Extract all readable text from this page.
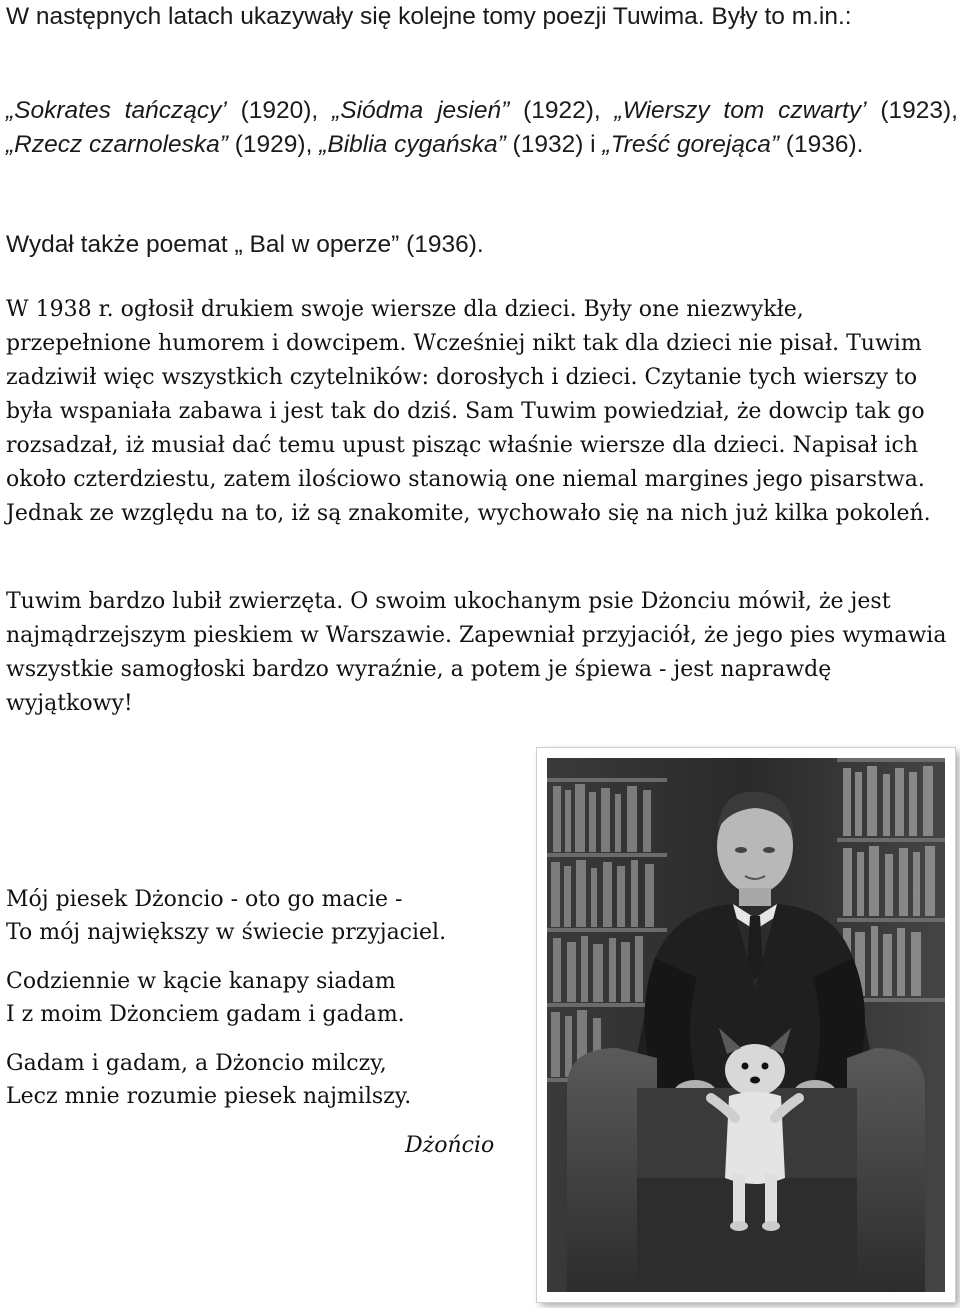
W następnych latach ukazywały się kolejne tomy poezji Tuwima. Były to m.in.:

„Sokrates tańczący’ (1920), „Siódma jesień” (1922), „Wierszy tom czwarty’ (1923), „Rzecz czarnoleska” (1929), „Biblia cygańska” (1932) i „Treść gorejąca” (1936).

Wydał także poemat „ Bal w operze” (1936).

W 1938 r. ogłosił drukiem swoje wiersze dla dzieci. Były one niezwykłe, przepełnione humorem i dowcipem. Wcześniej nikt tak dla dzieci nie pisał. Tuwim zadziwił więc wszystkich czytelników: dorosłych i dzieci. Czytanie tych wierszy to była wspaniała zabawa i jest tak do dziś. Sam Tuwim powiedział, że dowcip tak go rozsadzał, iż musiał dać temu upust pisząc właśnie wiersze dla dzieci. Napisał ich około czterdziestu, zatem ilościowo stanowią one niemal margines jego pisarstwa. Jednak ze względu na to, iż są znakomite, wychowało się na nich już kilka pokoleń.

Tuwim bardzo lubił zwierzęta. O swoim ukochanym psie Dżonciu mówił, że jest najmądrzejszym pieskiem w Warszawie. Zapewniał przyjaciół, że jego pies wymawia wszystkie samogłoski bardzo wyraźnie, a potem je śpiewa - jest naprawdę wyjątkowy!

Mój piesek Dżoncio - oto go macie -
To mój największy w świecie przyjaciel.

Codziennie w kącie kanapy siadam
I z moim Dżonciem gadam i gadam.

Gadam i gadam, a Dżoncio milczy,
Lecz mnie rozumie piesek najmilszy.

Dżońcio
